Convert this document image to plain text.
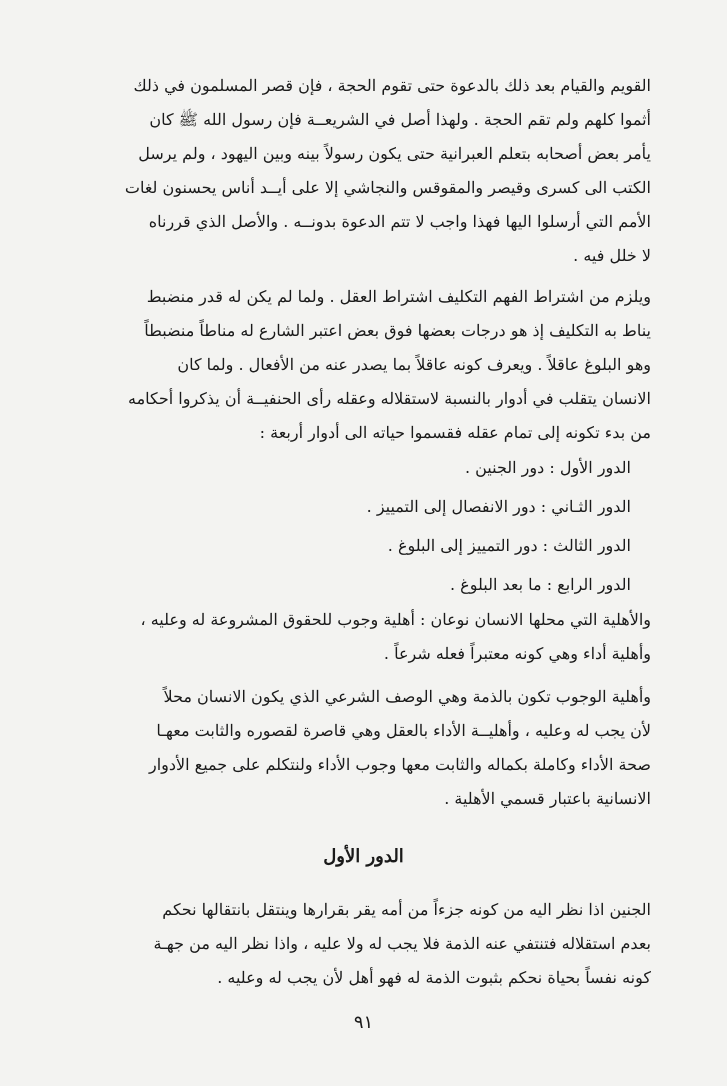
القويم والقيام بعد ذلك بالدعوة حتى تقوم الحجة ، فإن قصر المسلمون في ذلك
أثموا كلهم ولم تقم الحجة . ولهذا أصل في الشريعــة فإن رسول الله ﷺ كان
يأمر بعض أصحابه بتعلم العبرانية حتى يكون رسولاً بينه وبين اليهود ، ولم يرسل
الكتب الى كسرى وقيصر والمقوقس والنجاشي إلا على أيــد أناس يحسنون لغات
الأمم التي أرسلوا اليها فهذا واجب لا تتم الدعوة بدونــه . والأصل الذي قررناه
لا خلل فيه .
ويلزم من اشتراط الفهم التكليف اشتراط العقل . ولما لم يكن له قدر منضبط
يناط به التكليف إذ هو درجات بعضها فوق بعض اعتبر الشارع له مناطاً منضبطاً
وهو البلوغ عاقلاً . ويعرف كونه عاقلاً بما يصدر عنه من الأفعال . ولما كان
الانسان يتقلب في أدوار بالنسبة لاستقلاله وعقله رأى الحنفيــة أن يذكروا أحكامه
من بدء تكونه إلى تمام عقله فقسموا حياته الى أدوار أربعة :
الدور الأول : دور الجنين .
الدور الثـاني : دور الانفصال إلى التمييز .
الدور الثالث : دور التمييز إلى البلوغ .
الدور الرابع : ما بعد البلوغ .
والأهلية التي محلها الانسان نوعان : أهلية وجوب للحقوق المشروعة له وعليه ،
وأهلية أداء وهي كونه معتبراً فعله شرعاً .
وأهلية الوجوب تكون بالذمة وهي الوصف الشرعي الذي يكون الانسان محلاً
لأن يجب له وعليه ، وأهليــة الأداء بالعقل وهي قاصرة لقصوره والثابت معهـا
صحة الأداء وكاملة بكماله والثابت معها وجوب الأداء ولنتكلم على جميع الأدوار
الانسانية باعتبار قسمي الأهلية .
الدور الأول
الجنين اذا نظر اليه من كونه جزءاً من أمه يقر بقرارها وينتقل بانتقالها نحكم
بعدم استقلاله فتنتفي عنه الذمة فلا يجب له ولا عليه ، واذا نظر اليه من جهـة
كونه نفساً بحياة نحكم بثبوت الذمة له فهو أهل لأن يجب له وعليه .
٩١
